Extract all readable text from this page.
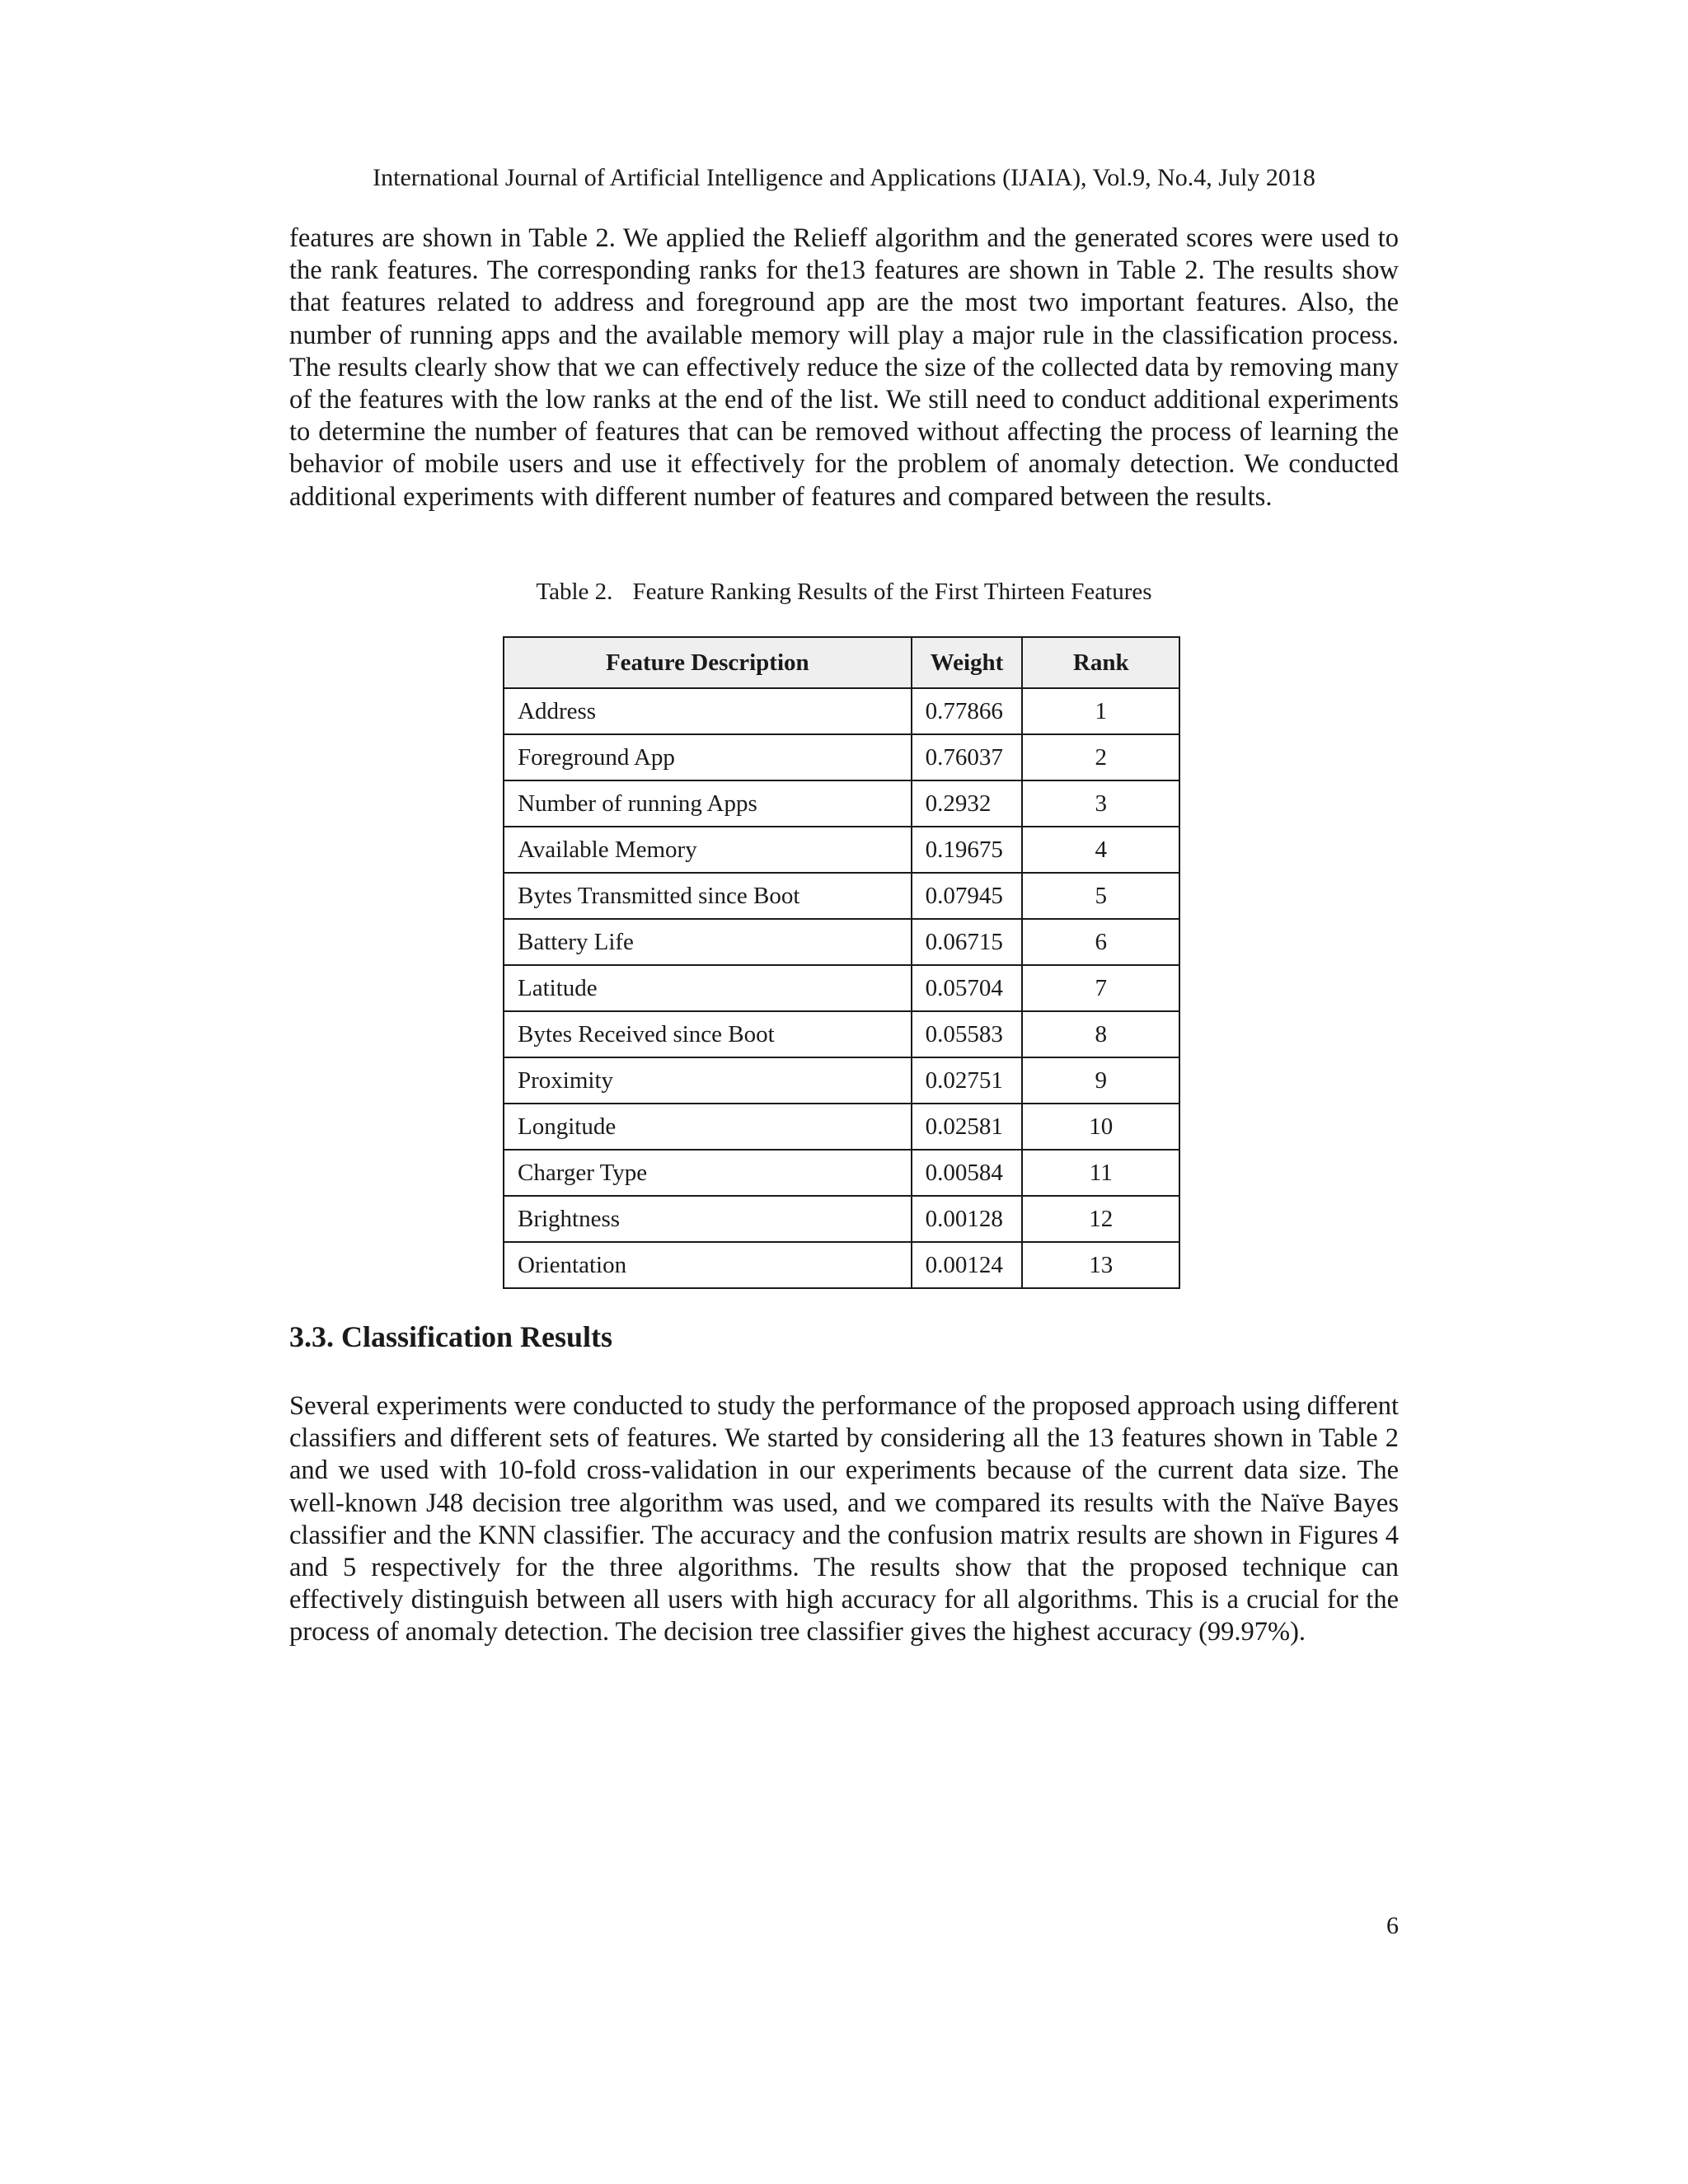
International Journal of Artificial Intelligence and Applications (IJAIA), Vol.9, No.4, July 2018

features are shown in Table 2. We applied the Relieff algorithm and the generated scores were used to the rank features. The corresponding ranks for the13 features are shown in Table 2. The results show that features related to address and foreground app are the most two important features. Also, the number of running apps and the available memory will play a major rule in the classification process. The results clearly show that we can effectively reduce the size of the collected data by removing many of the features with the low ranks at the end of the list. We still need to conduct additional experiments to determine the number of features that can be removed without affecting the process of learning the behavior of mobile users and use it effectively for the problem of anomaly detection. We conducted additional experiments with different number of features and compared between the results.

Table 2. Feature Ranking Results of the First Thirteen Features
Feature Description	Weight	Rank
Address	0.77866	1
Foreground App	0.76037	2
Number of running Apps	0.2932	3
Available Memory	0.19675	4
Bytes Transmitted since Boot	0.07945	5
Battery Life	0.06715	6
Latitude	0.05704	7
Bytes Received since Boot	0.05583	8
Proximity	0.02751	9
Longitude	0.02581	10
Charger Type	0.00584	11
Brightness	0.00128	12
Orientation	0.00124	13
3.3. Classification Results

Several experiments were conducted to study the performance of the proposed approach using different classifiers and different sets of features. We started by considering all the 13 features shown in Table 2 and we used with 10-fold cross-validation in our experiments because of the current data size. The well-known J48 decision tree algorithm was used, and we compared its results with the Naïve Bayes classifier and the KNN classifier. The accuracy and the confusion matrix results are shown in Figures 4 and 5 respectively for the three algorithms. The results show that the proposed technique can effectively distinguish between all users with high accuracy for all algorithms. This is a crucial for the process of anomaly detection. The decision tree classifier gives the highest accuracy (99.97%).

6
